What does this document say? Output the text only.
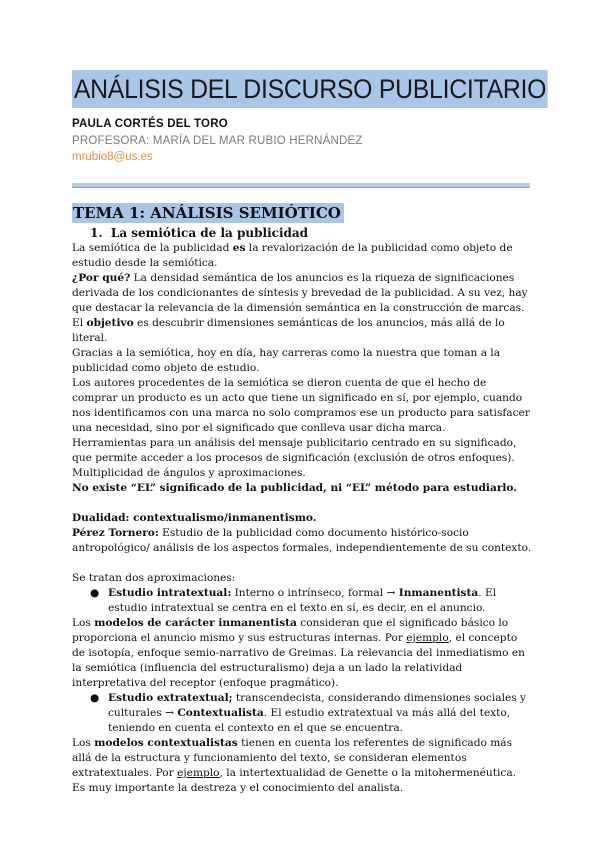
ANÁLISIS DEL DISCURSO PUBLICITARIO
PAULA CORTÉS DEL TORO
PROFESORA: MARÍA DEL MAR RUBIO HERNÁNDEZ
mrubio8@us.es
TEMA 1: ANÁLISIS SEMIÓTICO

1. La semiótica de la publicidad

La semiótica de la publicidad es la revalorización de la publicidad como objeto de estudio desde la semiótica.

¿Por qué? La densidad semántica de los anuncios es la riqueza de significaciones derivada de los condicionantes de síntesis y brevedad de la publicidad. A su vez, hay que destacar la relevancia de la dimensión semántica en la construcción de marcas.

El objetivo es descubrir dimensiones semánticas de los anuncios, más allá de lo literal.

Gracias a la semiótica, hoy en día, hay carreras como la nuestra que toman a la publicidad como objeto de estudio.

Los autores procedentes de la semiótica se dieron cuenta de que el hecho de comprar un producto es un acto que tiene un significado en sí, por ejemplo, cuando nos identificamos con una marca no solo compramos ese un producto para satisfacer una necesidad, sino por el significado que conlleva usar dicha marca.

Herramientas para un análisis del mensaje publicitario centrado en su significado, que permite acceder a los procesos de significación (exclusión de otros enfoques).

Multiplicidad de ángulos y aproximaciones.

No existe “EL” significado de la publicidad, ni “EL” método para estudiarlo.

Dualidad: contextualismo/inmanentismo.

Pérez Tornero: Estudio de la publicidad como documento histórico-socio antropológico/ análisis de los aspectos formales, independientemente de su contexto.

Se tratan dos aproximaciones:

● Estudio intratextual: Interno o intrínseco, formal → Inmanentista. El estudio intratextual se centra en el texto en sí, es decir, en el anuncio.

Los modelos de carácter inmanentista consideran que el significado básico lo proporciona el anuncio mismo y sus estructuras internas. Por ejemplo, el concepto de isotopía, enfoque semio-narrativo de Greimas. La relevancia del inmediatismo en la semiótica (influencia del estructuralismo) deja a un lado la relatividad interpretativa del receptor (enfoque pragmático).

● Estudio extratextual; transcendecista, considerando dimensiones sociales y culturales → Contextualista. El estudio extratextual va más allá del texto, teniendo en cuenta el contexto en el que se encuentra.

Los modelos contextualistas tienen en cuenta los referentes de significado más allá de la estructura y funcionamiento del texto, se consideran elementos extratextuales. Por ejemplo, la intertextualidad de Genette o la mitohermenéutica. Es muy importante la destreza y el conocimiento del analista.
